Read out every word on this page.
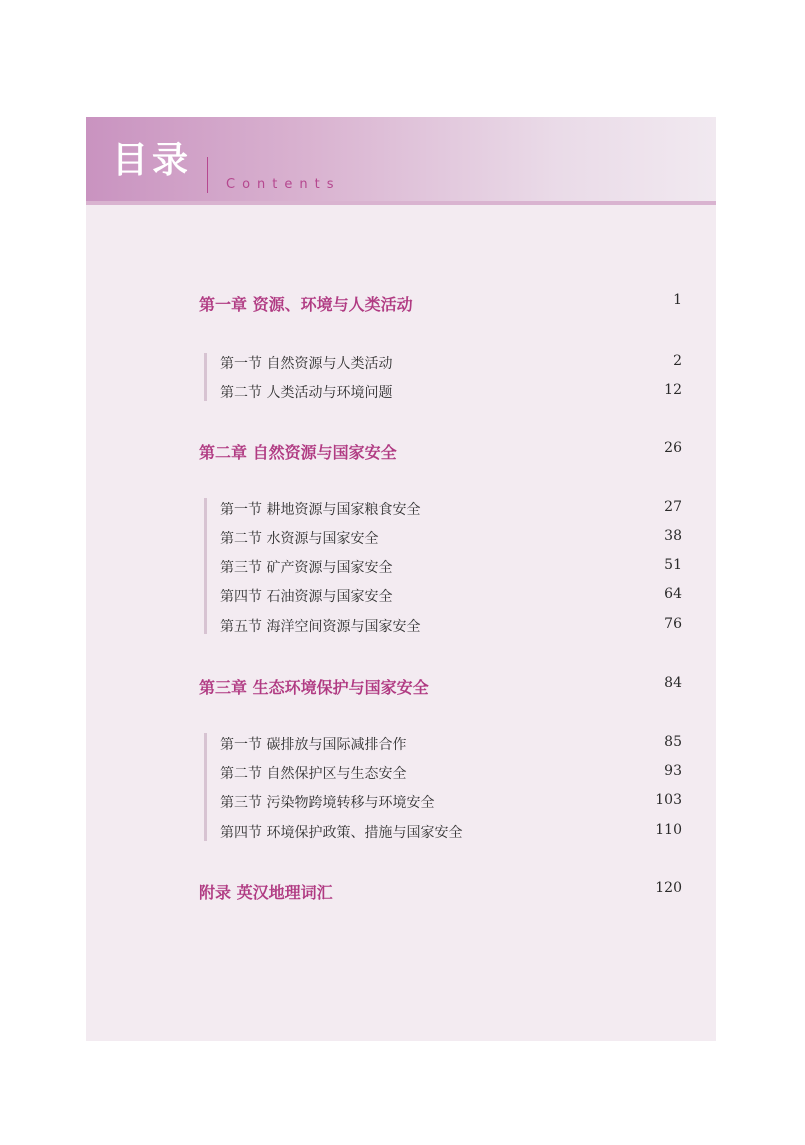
目录
Contents
第一章 资源、环境与人类活动	1
第一节 自然资源与人类活动	2
第二节 人类活动与环境问题	12
第二章 自然资源与国家安全	26
第一节 耕地资源与国家粮食安全	27
第二节 水资源与国家安全	38
第三节 矿产资源与国家安全	51
第四节 石油资源与国家安全	64
第五节 海洋空间资源与国家安全	76
第三章 生态环境保护与国家安全	84
第一节 碳排放与国际减排合作	85
第二节 自然保护区与生态安全	93
第三节 污染物跨境转移与环境安全	103
第四节 环境保护政策、措施与国家安全	110
附录 英汉地理词汇	120
